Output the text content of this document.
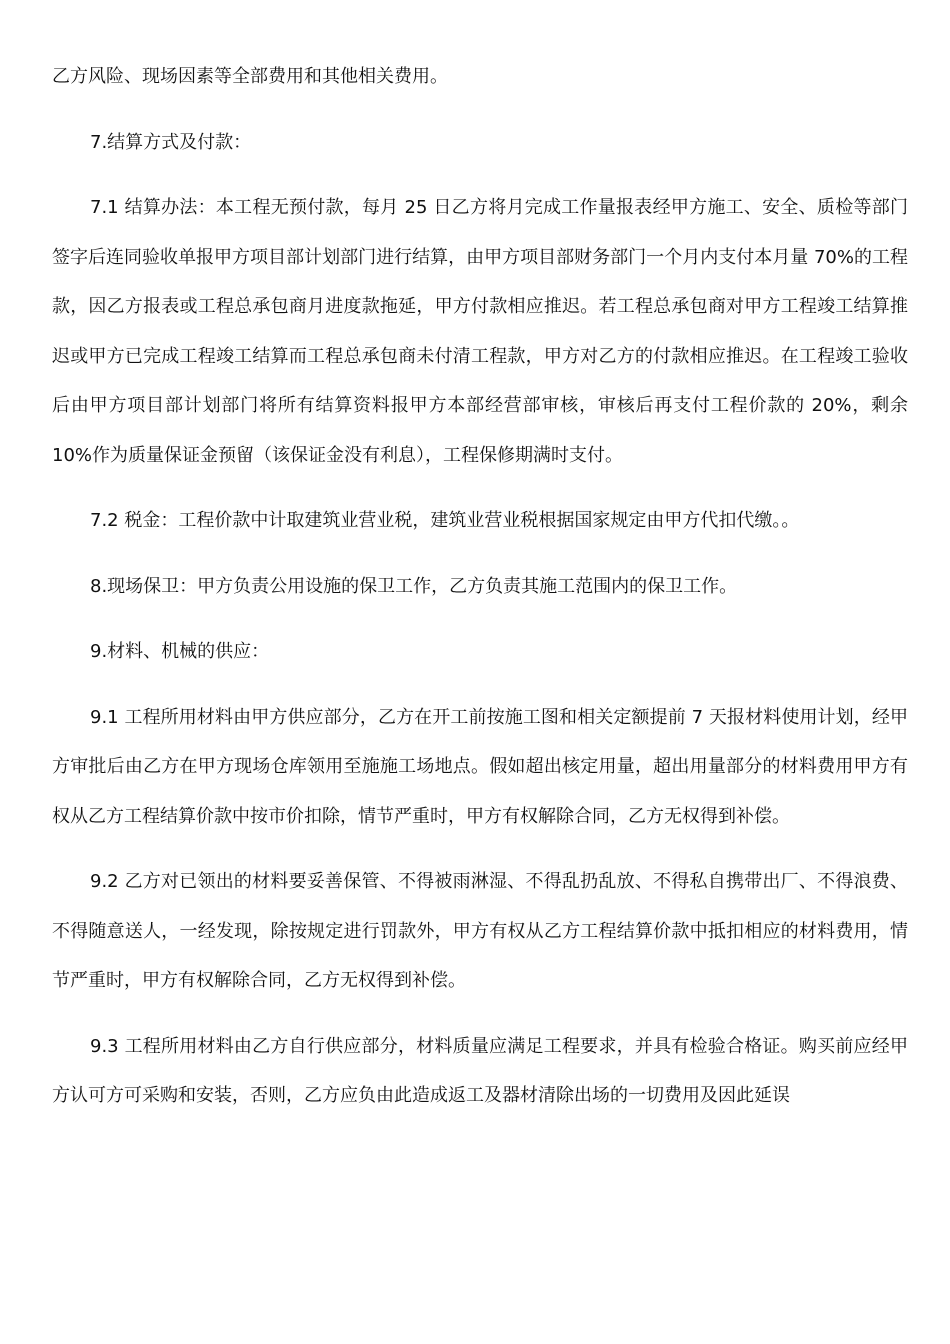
乙方风险、现场因素等全部费用和其他相关费用。

7.结算方式及付款：

7.1 结算办法：本工程无预付款，每月 25 日乙方将月完成工作量报表经甲方施工、安全、质检等部门签字后连同验收单报甲方项目部计划部门进行结算，由甲方项目部财务部门一个月内支付本月量 70%的工程款，因乙方报表或工程总承包商月进度款拖延，甲方付款相应推迟。若工程总承包商对甲方工程竣工结算推迟或甲方已完成工程竣工结算而工程总承包商未付清工程款，甲方对乙方的付款相应推迟。在工程竣工验收后由甲方项目部计划部门将所有结算资料报甲方本部经营部审核，审核后再支付工程价款的 20%，剩余 10%作为质量保证金预留（该保证金没有利息），工程保修期满时支付。

7.2 税金：工程价款中计取建筑业营业税，建筑业营业税根据国家规定由甲方代扣代缴。。

8.现场保卫：甲方负责公用设施的保卫工作，乙方负责其施工范围内的保卫工作。

9.材料、机械的供应：

9.1 工程所用材料由甲方供应部分，乙方在开工前按施工图和相关定额提前 7 天报材料使用计划，经甲方审批后由乙方在甲方现场仓库领用至施施工场地点。假如超出核定用量，超出用量部分的材料费用甲方有权从乙方工程结算价款中按市价扣除，情节严重时，甲方有权解除合同，乙方无权得到补偿。

9.2 乙方对已领出的材料要妥善保管、不得被雨淋湿、不得乱扔乱放、不得私自携带出厂、不得浪费、不得随意送人，一经发现，除按规定进行罚款外，甲方有权从乙方工程结算价款中抵扣相应的材料费用，情节严重时，甲方有权解除合同，乙方无权得到补偿。

9.3 工程所用材料由乙方自行供应部分，材料质量应满足工程要求，并具有检验合格证。购买前应经甲方认可方可采购和安装，否则，乙方应负由此造成返工及器材清除出场的一切费用及因此延误
